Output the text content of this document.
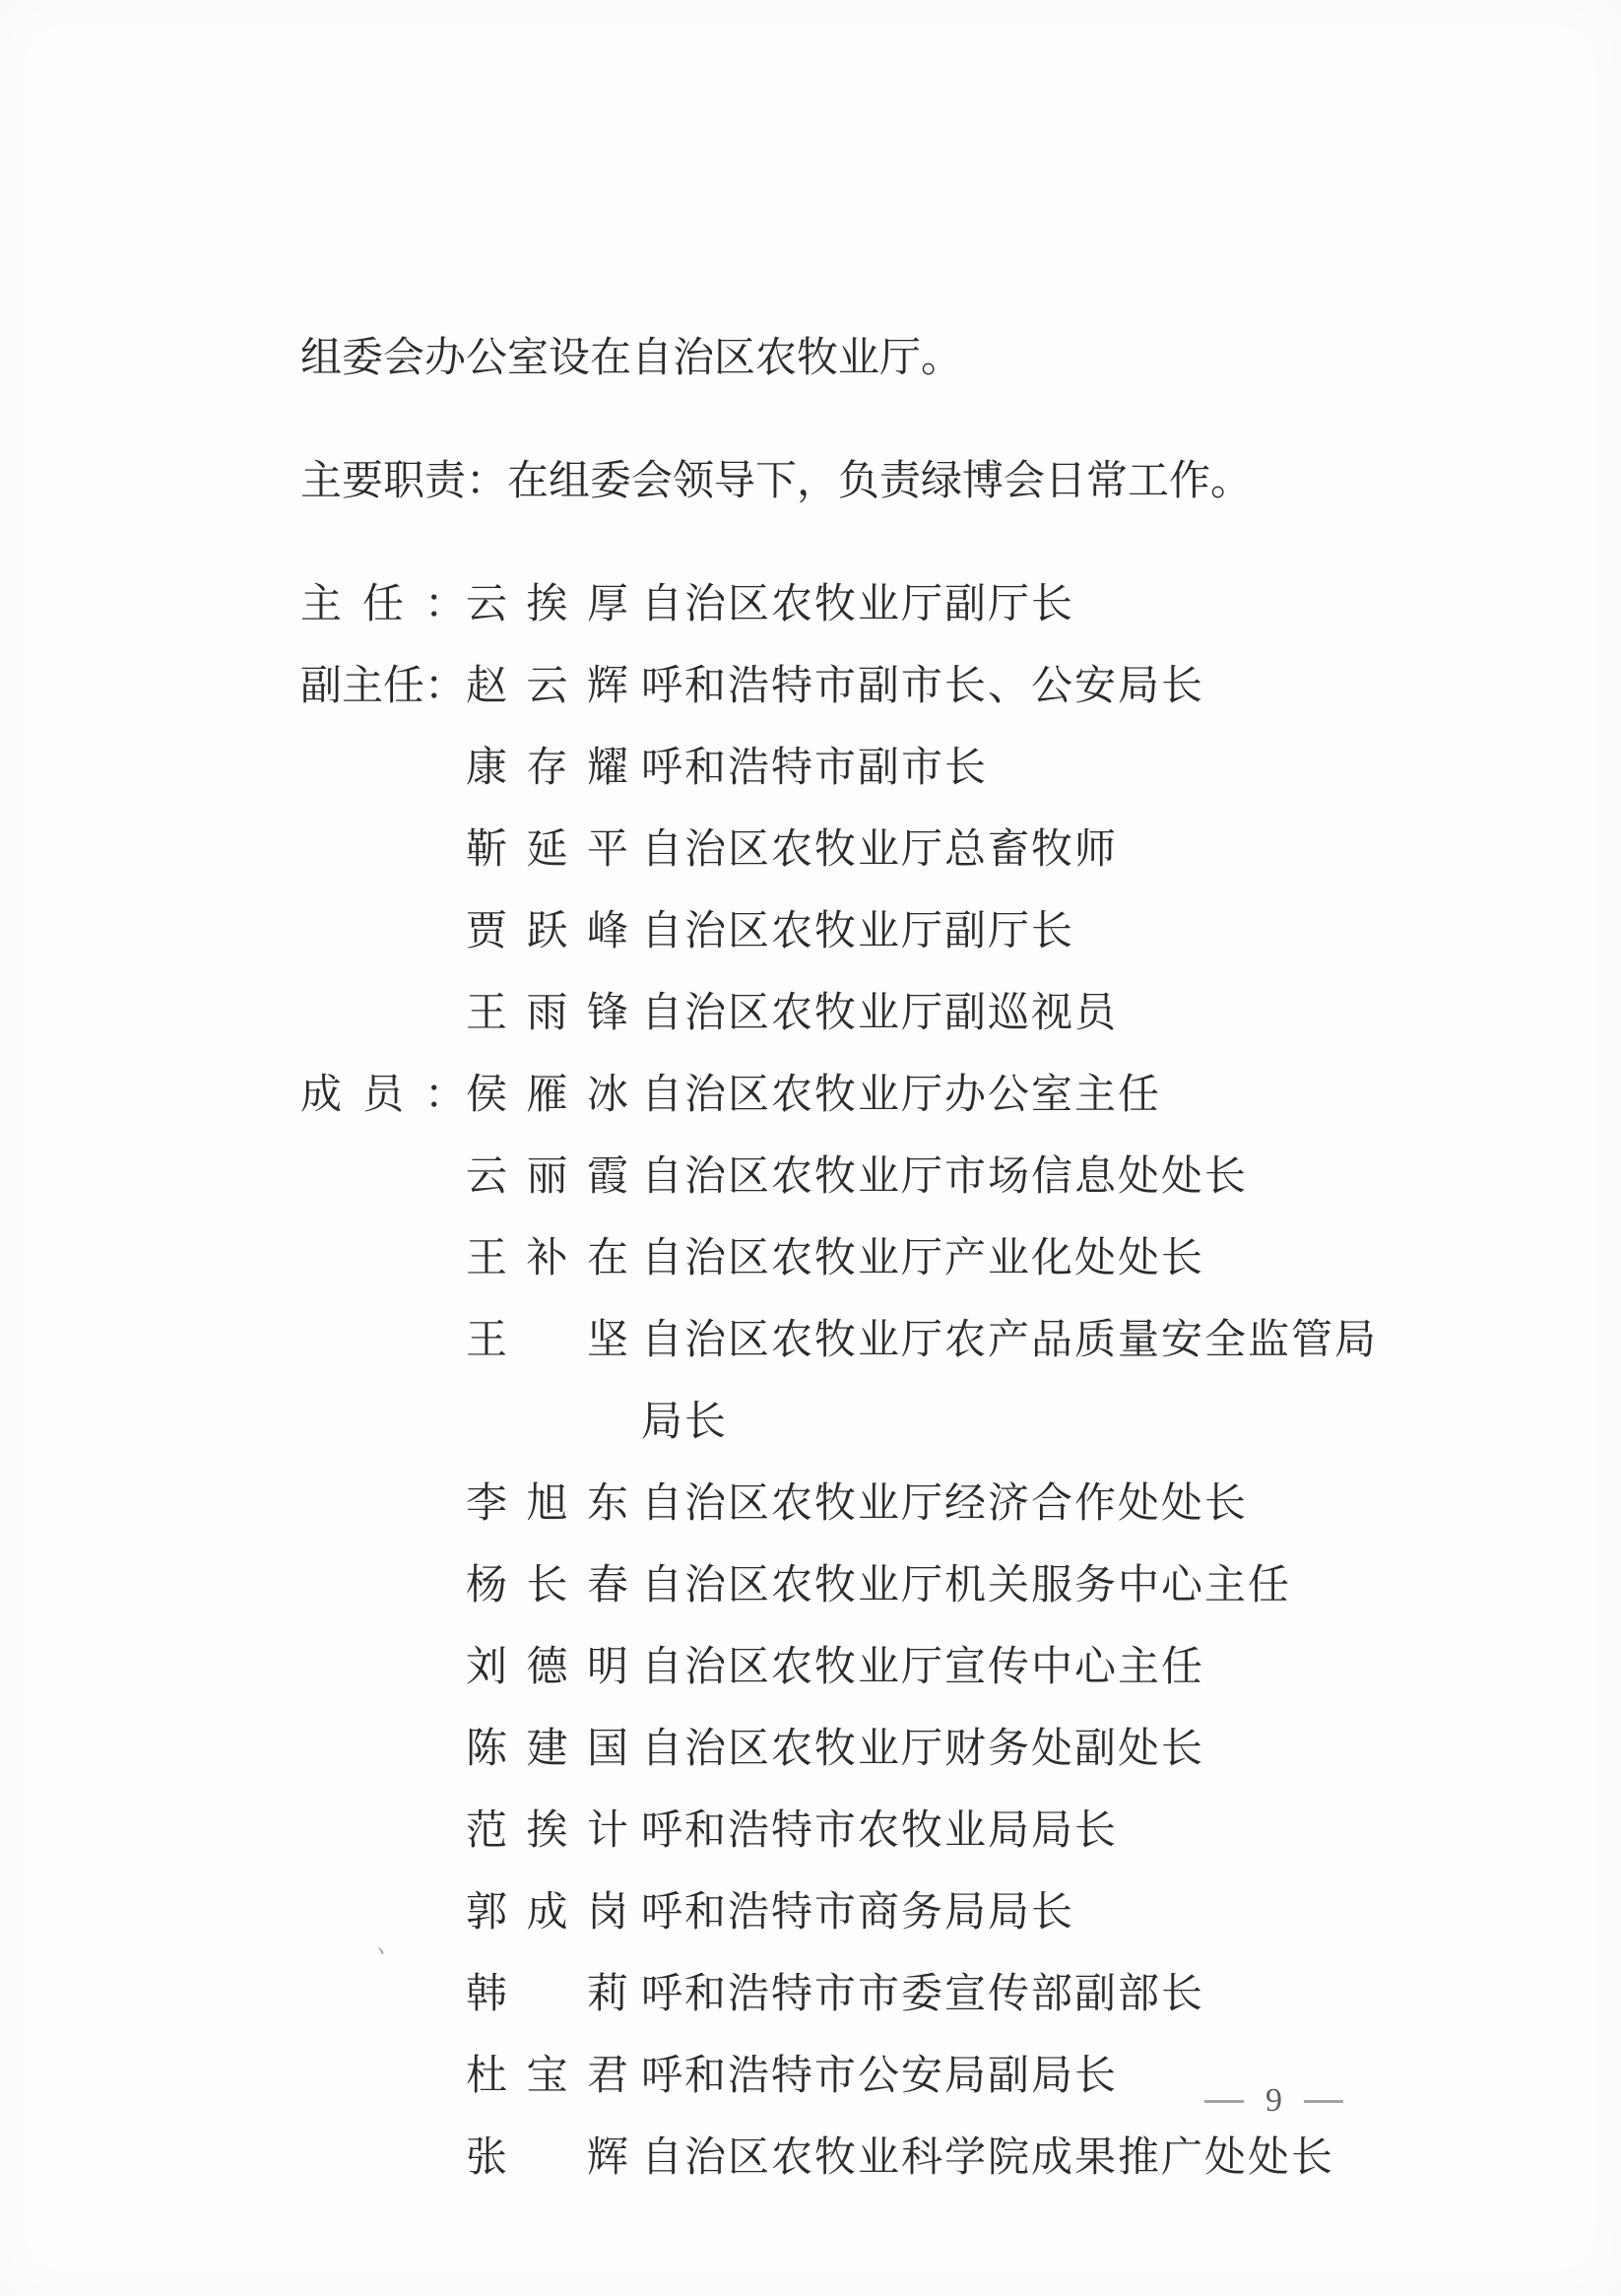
组委会办公室设在自治区农牧业厅。

主要职责：在组委会领导下，负责绿博会日常工作。

主任：云挨厚 自治区农牧业厅副厅长
副主任：赵云辉 呼和浩特市副市长、公安局长
康存耀 呼和浩特市副市长
靳延平 自治区农牧业厅总畜牧师
贾跃峰 自治区农牧业厅副厅长
王雨锋 自治区农牧业厅副巡视员
成员：侯雁冰 自治区农牧业厅办公室主任
云丽霞 自治区农牧业厅市场信息处处长
王补在 自治区农牧业厅产业化处处长
王坚 自治区农牧业厅农产品质量安全监管局
局长
李旭东 自治区农牧业厅经济合作处处长
杨长春 自治区农牧业厅机关服务中心主任
刘德明 自治区农牧业厅宣传中心主任
陈建国 自治区农牧业厅财务处副处长
范挨计 呼和浩特市农牧业局局长
郭成岗 呼和浩特市商务局局长
韩莉 呼和浩特市市委宣传部副部长
杜宝君 呼和浩特市公安局副局长
张辉 自治区农牧业科学院成果推广处处长
、
9
